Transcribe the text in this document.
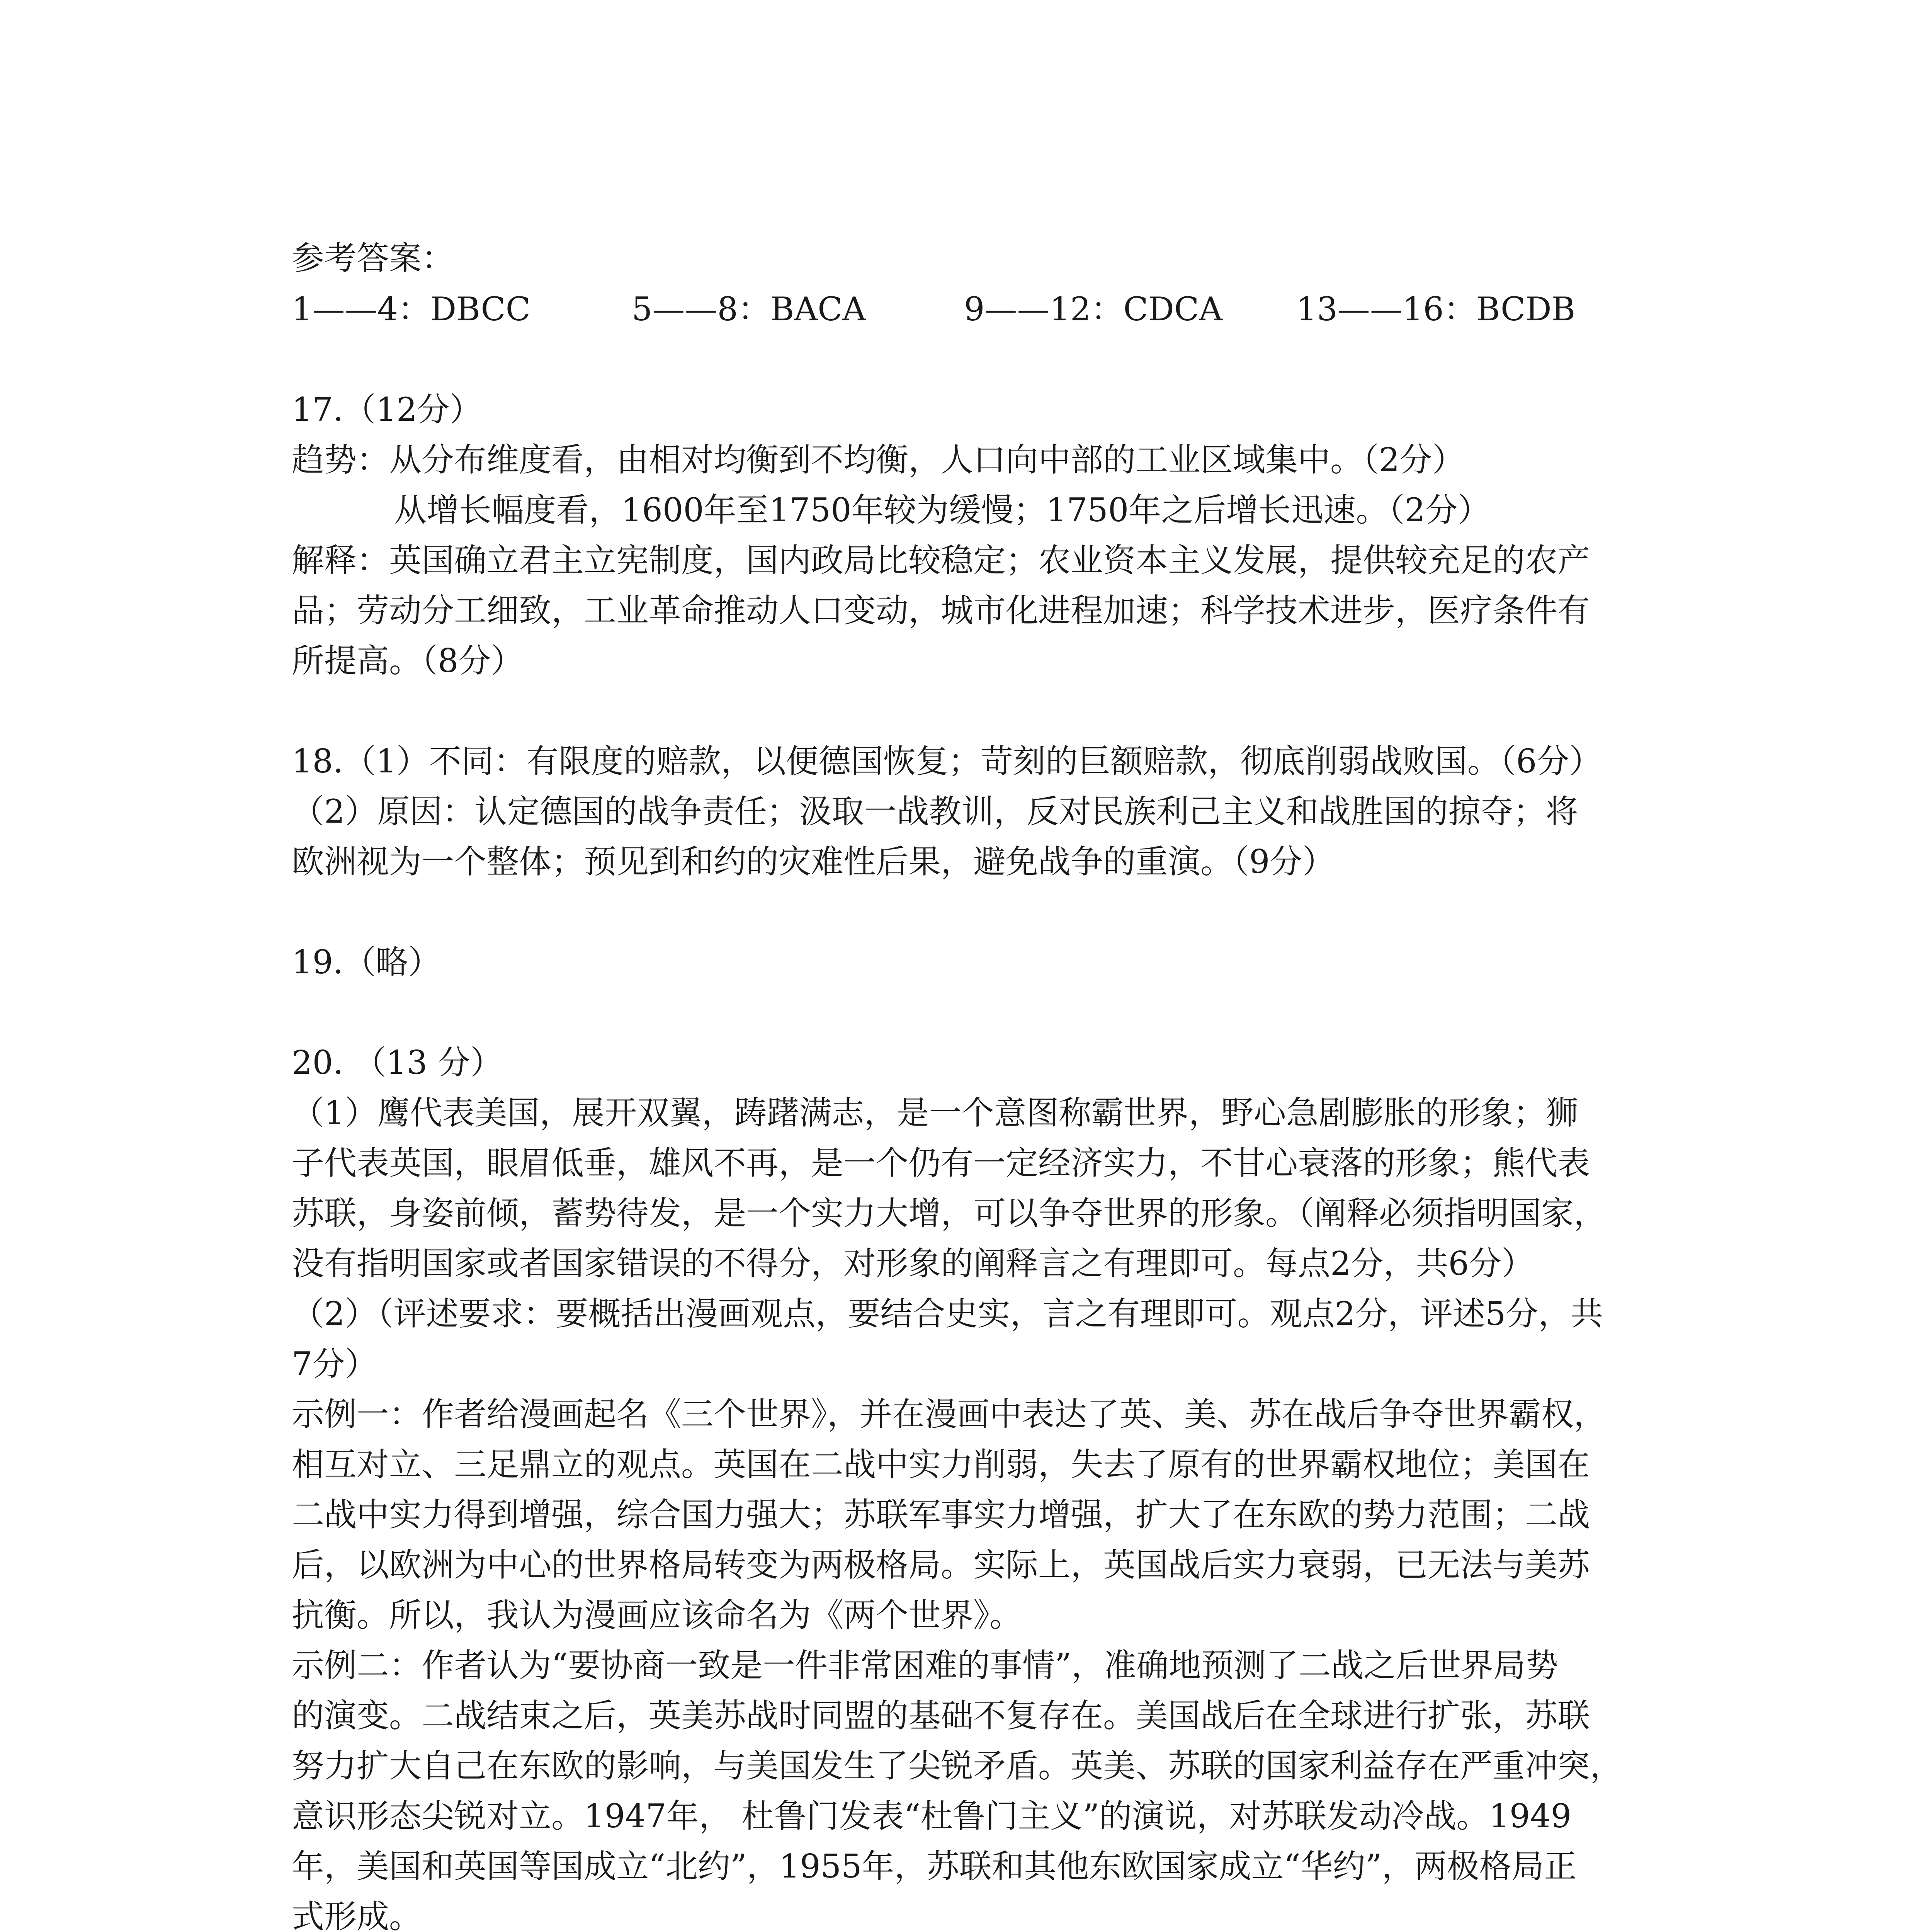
参考答案：

1——4：DBCC	5——8：BACA	9——12：CDCA	13——16：BCDB

17.（12分）

趋势：从分布维度看，由相对均衡到不均衡，人口向中部的工业区域集中。（2分）

从增长幅度看，1600年至1750年较为缓慢；1750年之后增长迅速。（2分）

解释：英国确立君主立宪制度，国内政局比较稳定；农业资本主义发展，提供较充足的农产

品；劳动分工细致，工业革命推动人口变动，城市化进程加速；科学技术进步，医疗条件有

所提高。（8分）

18.（1）不同：有限度的赔款，以便德国恢复；苛刻的巨额赔款，彻底削弱战败国。（6分）

（2）原因：认定德国的战争责任；汲取一战教训，反对民族利己主义和战胜国的掠夺；将

欧洲视为一个整体；预见到和约的灾难性后果，避免战争的重演。（9分）

19.（略）

20. （13 分）

（1）鹰代表美国，展开双翼，踌躇满志，是一个意图称霸世界，野心急剧膨胀的形象；狮

子代表英国，眼眉低垂，雄风不再，是一个仍有一定经济实力，不甘心衰落的形象；熊代表

苏联，身姿前倾，蓄势待发，是一个实力大增，可以争夺世界的形象。（阐释必须指明国家，

没有指明国家或者国家错误的不得分，对形象的阐释言之有理即可。每点2分，共6分）

（2）（评述要求：要概括出漫画观点，要结合史实，言之有理即可。观点2分，评述5分，共

7分）

示例一：作者给漫画起名《三个世界》，并在漫画中表达了英、美、苏在战后争夺世界霸权，

相互对立、三足鼎立的观点。英国在二战中实力削弱，失去了原有的世界霸权地位；美国在

二战中实力得到增强，综合国力强大；苏联军事实力增强，扩大了在东欧的势力范围；二战

后，以欧洲为中心的世界格局转变为两极格局。实际上，英国战后实力衰弱，已无法与美苏

抗衡。所以，我认为漫画应该命名为《两个世界》。

示例二：作者认为“要协商一致是一件非常困难的事情”，准确地预测了二战之后世界局势

的演变。二战结束之后，英美苏战时同盟的基础不复存在。美国战后在全球进行扩张，苏联

努力扩大自己在东欧的影响，与美国发生了尖锐矛盾。英美、苏联的国家利益存在严重冲突，

意识形态尖锐对立。1947年， 杜鲁门发表“杜鲁门主义”的演说，对苏联发动冷战。1949

年，美国和英国等国成立“北约”，1955年，苏联和其他东欧国家成立“华约”，两极格局正

式形成。
